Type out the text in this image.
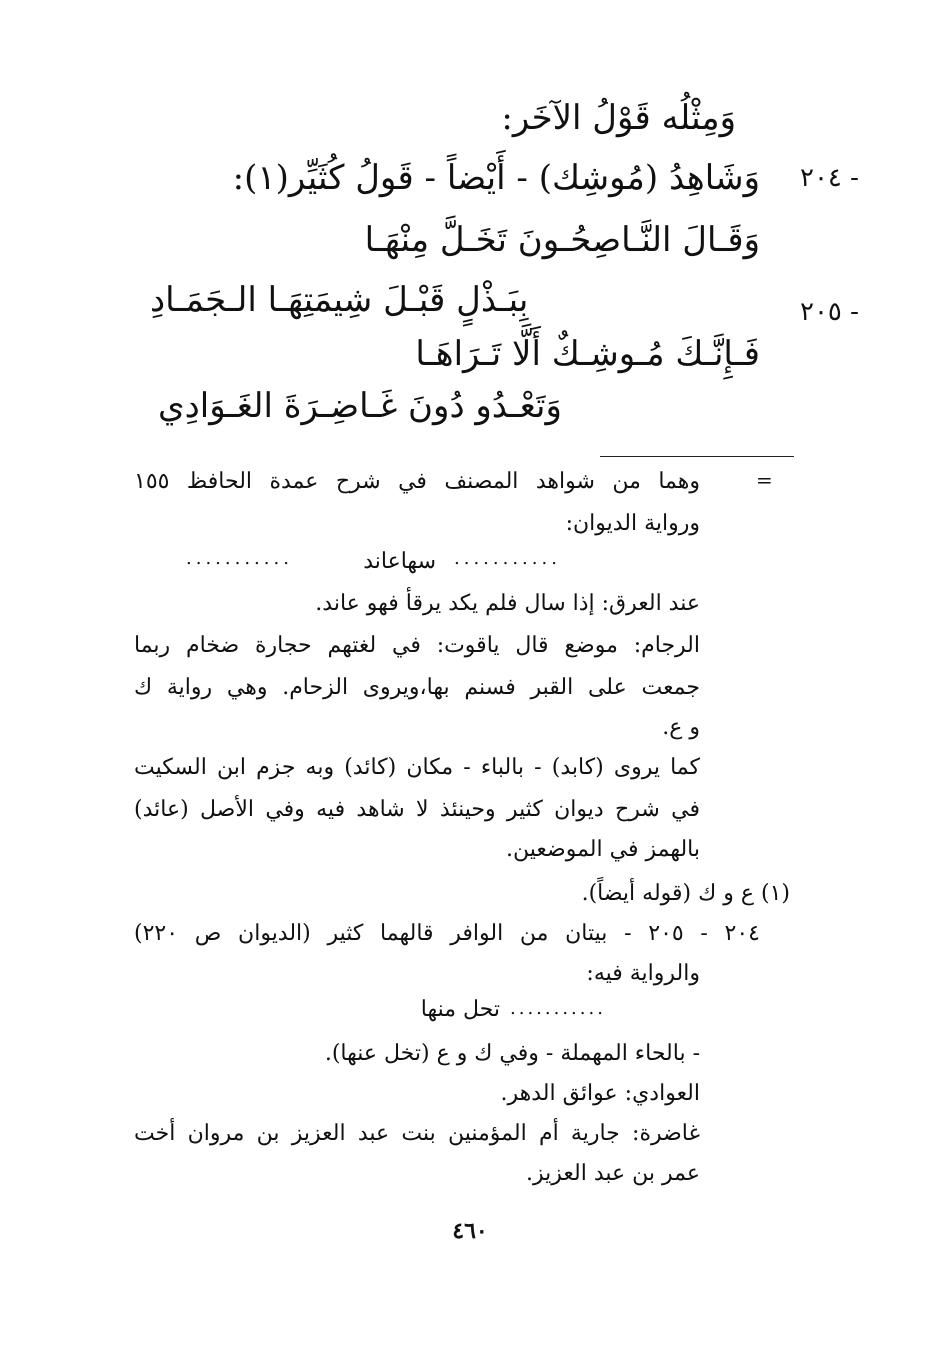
وَمِثْلُه قَوْلُ الآخَر:
٢٠٤ -
وَشَاهِدُ (مُوشِك) - أَيْضاً - قَولُ كُثَيِّر(١):
وَقَـالَ النَّـاصِحُـونَ تَخَـلَّ مِنْهَـا
٢٠٥ -
بِبَـذْلٍ قَبْـلَ شِيمَتِهَـا الـجَمَـادِ
فَـإِنَّـكَ مُـوشِـكٌ أَلَّا تَـرَاهَـا
وَتَعْـدُو دُونَ غَـاضِـرَةَ الغَـوَادِي
=
وهما من شواهد المصنف في شرح عمدة الحافظ ١٥٥
ورواية الديوان:
...........	سهاعاند ...........
عند العرق: إذا سال فلم يكد يرقأ فهو عاند.
الرجام: موضع قال ياقوت: في لغتهم حجارة ضخام ربما
جمعت على القبر فسنم بها،ويروى الزحام. وهي رواية ك
و ع.
كما يروى (كابد) - بالباء - مكان (كائد) وبه جزم ابن السكيت
في شرح ديوان كثير وحينئذ لا شاهد فيه وفي الأصل (عائد)
بالهمز في الموضعين.
(١) ع و ك (قوله أيضاً).
٢٠٤ - ٢٠٥ - بيتان من الوافر قالهما كثير (الديوان ص ٢٢٠)
والرواية فيه:
...........
تحل منها
- بالحاء المهملة - وفي ك و ع (تخل عنها).
العوادي: عوائق الدهر.
غاضرة: جارية أم المؤمنين بنت عبد العزيز بن مروان أخت
عمر بن عبد العزيز.
٤٦٠
